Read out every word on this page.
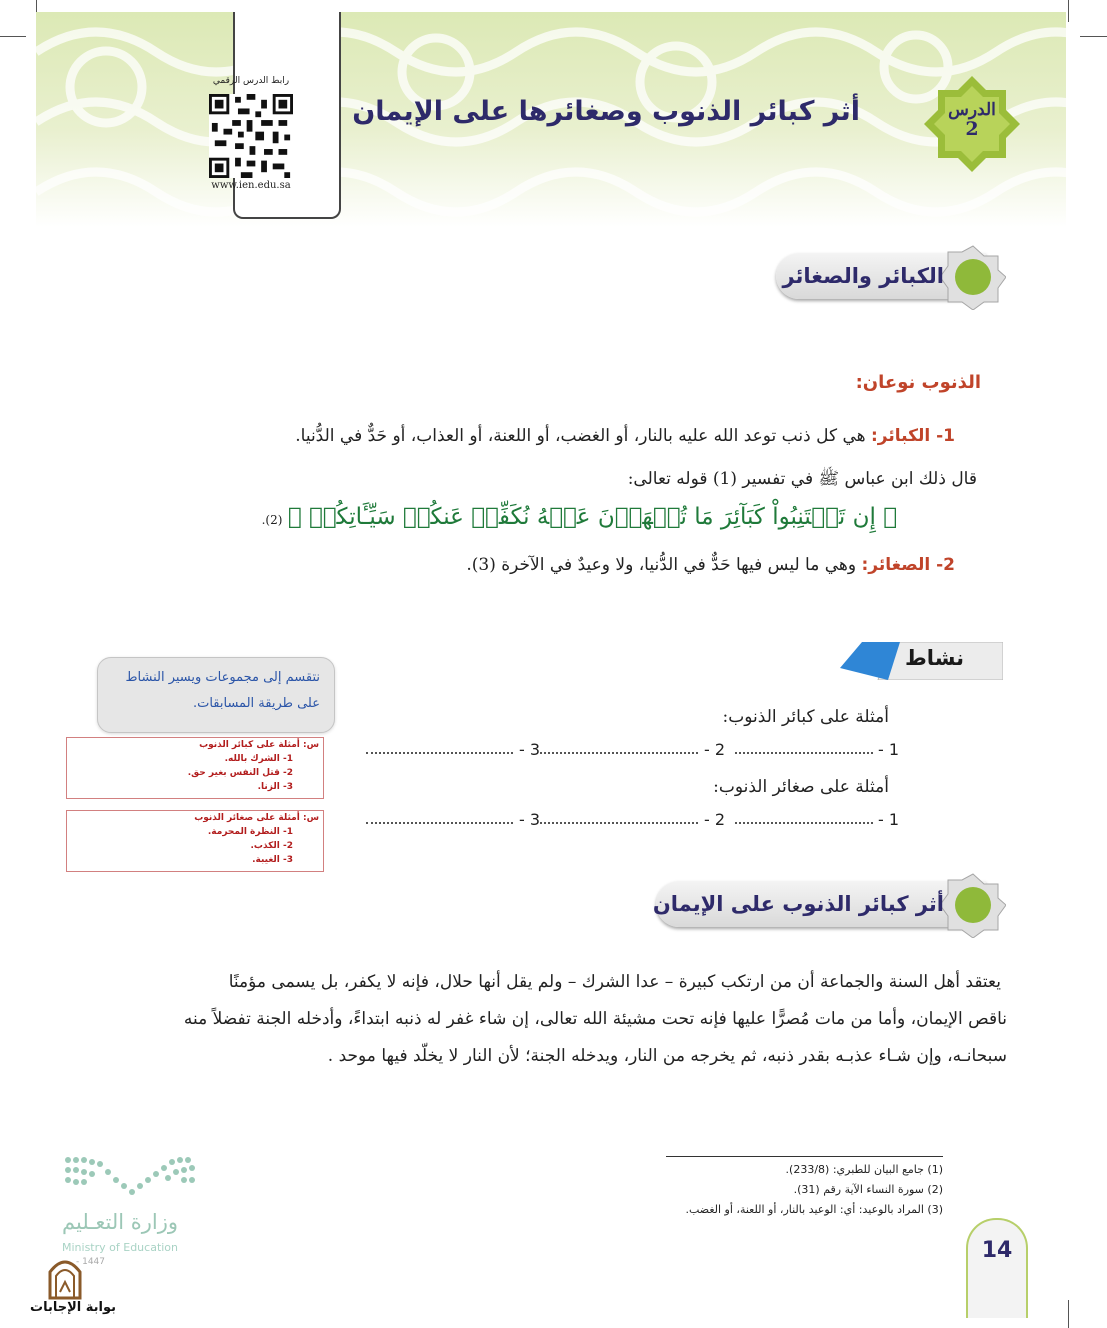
رابط الدرس الرقمي
www.ien.edu.sa
أثر كبائر الذنوب وصغائرها على الإيمان	الدرس
2
الكبائر والصغائر
الذنوب نوعان:
1- الكبائر: هي كل ذنب توعد الله عليه بالنار، أو الغضب، أو اللعنة، أو العذاب، أو حَدٌّ في الدُّنيا.
قال ذلك ابن عباس ﷺ في تفسير (1) قوله تعالى:
﴿ إِن تَجۡتَنِبُواْ كَبَآئِرَ مَا تُنۡهَوۡنَ عَنۡهُ نُكَفِّرۡ عَنكُمۡ سَيِّـَٔاتِكُمۡ ﴾ (2).
2- الصغائر: وهي ما ليس فيها حَدٌّ في الدُّنيا، ولا وعيدٌ في الآخرة (3).
نشاط
نتقسم إلى مجموعات ويسير النشاط
على طريقة المسابقات.
أمثلة على كبائر الذنوب:
1 -
2 -
3 -
أمثلة على صغائر الذنوب:
1 -
2 -
3 -
س: أمثلة على كبائر الذنوب
1- الشرك بالله.
2- قتل النفس بغير حق.
3- الزنا.
س: أمثلة على صغائر الذنوب
1- النظرة المحرمة.
2- الكذب.
3- الغيبة.
أثر كبائر الذنوب على الإيمان
يعتقد أهل السنة والجماعة أن من ارتكب كبيرة – عدا الشرك – ولم يقل أنها حلال، فإنه لا يكفر، بل يسمى مؤمنًا
ناقص الإيمان، وأما من مات مُصرًّا عليها فإنه تحت مشيئة الله تعالى، إن شاء غفر له ذنبه ابتداءً، وأدخله الجنة تفضلاً منه
سبحانـه، وإن شـاء عذبـه بقدر ذنبه، ثم يخرجه من النار، ويدخله الجنة؛ لأن النار لا يخلّد فيها موحد .
(1) جامع البيان للطبري: (233/8).
(2) سورة النساء الآية رقم (31).
(3) المراد بالوعيد: أي: الوعيد بالنار، أو اللعنة، أو الغضب.
14
وزارة التعـليم
Ministry of Education
- 1447
بوابة الإجابات
